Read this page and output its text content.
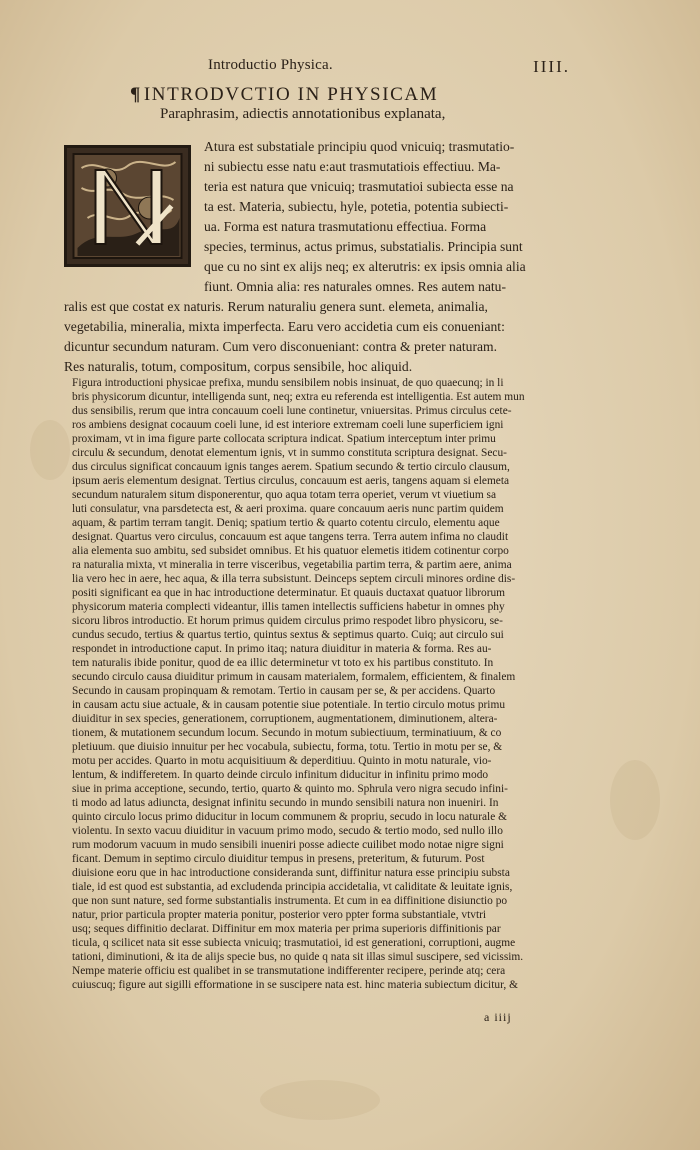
Introductio Physica.	IIII.
¶ INTRODVCTIO IN PHYSICAM
Paraphrasim, adiectis annotationibus explanata,
Atura est substatiale principiu quod vnicuiq; trasmutatio-
ni subiectu esse natu e:aut trasmutatiois effectiuu. Ma-
teria est natura que vnicuiq; trasmutatioi subiecta esse na
ta est. Materia, subiectu, hyle, potetia, potentia subiecti-
ua. Forma est natura trasmutationu effectiua. Forma
species, terminus, actus primus, substatialis. Principia sunt
que cu no sint ex alijs neq; ex alterutris: ex ipsis omnia alia
fiunt. Omnia alia: res naturales omnes. Res autem natu-
ralis est que costat ex naturis. Rerum naturaliu genera sunt. elemeta, animalia,
vegetabilia, mineralia, mixta imperfecta. Earu vero accidetia cum eis conueniant:
dicuntur secundum naturam. Cum vero disconueniant: contra & preter naturam.
Res naturalis, totum, compositum, corpus sensibile, hoc aliquid.
Figura introductioni physicae prefixa, mundu sensibilem nobis insinuat, de quo quaecunq; in li
bris physicorum dicuntur, intelligenda sunt, neq; extra eu referenda est intelligentia. Est autem mun
dus sensibilis, rerum que intra concauum coeli lune continetur, vniuersitas. Primus circulus cete-
ros ambiens designat cocauum coeli lune, id est interiore extremam coeli lune superficiem igni
proximam, vt in ima figure parte collocata scriptura indicat. Spatium interceptum inter primu
circulu & secundum, denotat elementum ignis, vt in summo constituta scriptura designat. Secu-
dus circulus significat concauum ignis tanges aerem. Spatium secundo & tertio circulo clausum,
ipsum aeris elementum designat. Tertius circulus, concauum est aeris, tangens aquam si elemeta
secundum naturalem situm disponerentur, quo aqua totam terra operiet, verum vt viuetium sa
luti consulatur, vna parsdetecta est, & aeri proxima. quare concauum aeris nunc partim quidem
aquam, & partim terram tangit. Deniq; spatium tertio & quarto cotentu circulo, elementu aque
designat. Quartus vero circulus, concauum est aque tangens terra. Terra autem infima no claudit
alia elementa suo ambitu, sed subsidet omnibus. Et his quatuor elemetis itidem cotinentur corpo
ra naturalia mixta, vt mineralia in terre visceribus, vegetabilia partim terra, & partim aere, anima
lia vero hec in aere, hec aqua, & illa terra subsistunt. Deinceps septem circuli minores ordine dis-
positi significant ea que in hac introductione determinatur. Et quauis ductaxat quatuor librorum
physicorum materia complecti videantur, illis tamen intellectis sufficiens habetur in omnes phy
sicoru libros introductio. Et horum primus quidem circulus primo respodet libro physicoru, se-
cundus secudo, tertius & quartus tertio, quintus sextus & septimus quarto. Cuiq; aut circulo sui
respondet in introductione caput. In primo itaq; natura diuiditur in materia & forma. Res au-
tem naturalis ibide ponitur, quod de ea illic determinetur vt toto ex his partibus constituto. In
secundo circulo causa diuiditur primum in causam materialem, formalem, efficientem, & finalem
Secundo in causam propinquam & remotam. Tertio in causam per se, & per accidens. Quarto
in causam actu siue actuale, & in causam potentie siue potentiale. In tertio circulo motus primu
diuiditur in sex species, generationem, corruptionem, augmentationem, diminutionem, altera-
tionem, & mutationem secundum locum. Secundo in motum subiectiuum, terminatiuum, & co
pletiuum. que diuisio innuitur per hec vocabula, subiectu, forma, totu. Tertio in motu per se, &
motu per accides. Quarto in motu acquisitiuum & deperditiuu. Quinto in motu naturale, vio-
lentum, & indifferetem. In quarto deinde circulo infinitum diducitur in infinitu primo modo
siue in prima acceptione, secundo, tertio, quarto & quinto mo. Sphrula vero nigra secudo infini-
ti modo ad latus adiuncta, designat infinitu secundo in mundo sensibili natura non inueniri. In
quinto circulo locus primo diducitur in locum communem & propriu, secudo in locu naturale &
violentu. In sexto vacuu diuiditur in vacuum primo modo, secudo & tertio modo, sed nullo illo
rum modorum vacuum in mudo sensibili inueniri posse adiecte cuilibet modo notae nigre signi
ficant. Demum in septimo circulo diuiditur tempus in presens, preteritum, & futurum. Post
diuisione eoru que in hac introductione consideranda sunt, diffinitur natura esse principiu substa
tiale, id est quod est substantia, ad excludenda principia accidetalia, vt caliditate & leuitate ignis,
que non sunt nature, sed forme substantialis instrumenta. Et cum in ea diffinitione disiunctio po
natur, prior particula propter materia ponitur, posterior vero ppter forma substantiale, vtvtri
usq; seques diffinitio declarat. Diffinitur em mox materia per prima superioris diffinitionis par
ticula, q scilicet nata sit esse subiecta vnicuiq; trasmutatioi, id est generationi, corruptioni, augme
tationi, diminutioni, & ita de alijs specie bus, no quide q nata sit illas simul suscipere, sed vicissim.
Nempe materie officiu est qualibet in se transmutatione indifferenter recipere, perinde atq; cera
cuiuscuq; figure aut sigilli efformatione in se suscipere nata est. hinc materia subiectum dicitur, &
a iiij
